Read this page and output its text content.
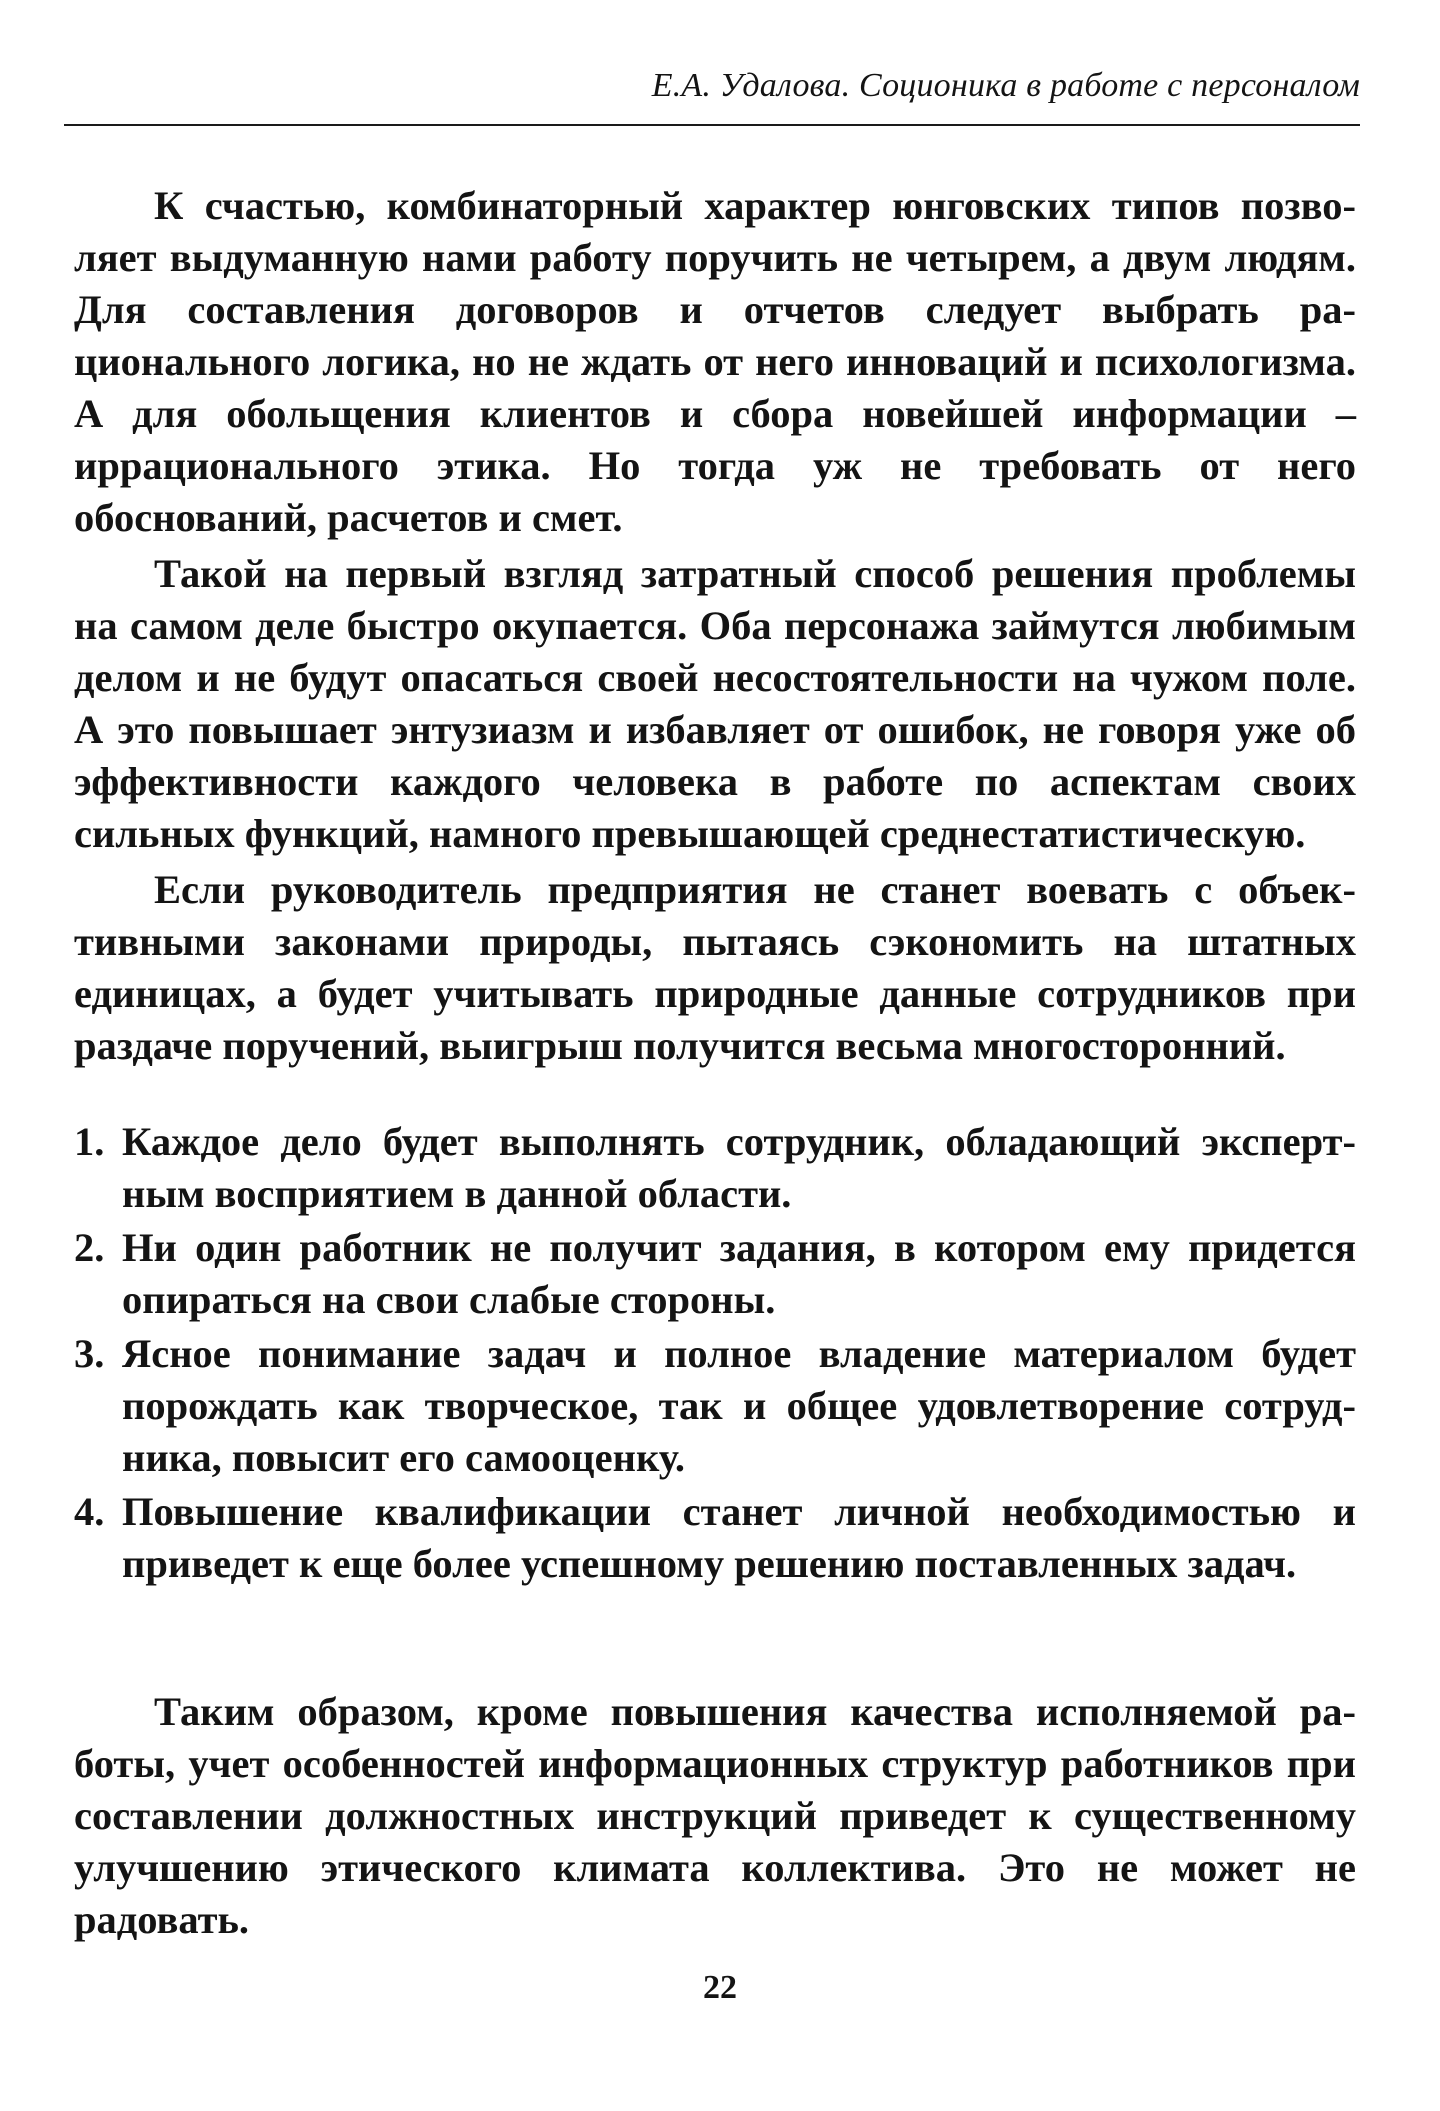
Е.А. Удалова. Соционика в работе с персоналом

К счастью, комбинаторный характер юнговских типов позволяет выдуманную нами работу поручить не четырем, а двум людям. Для составления договоров и отчетов следует выбрать рационального логика, но не ждать от него инноваций и психологизма. А для обольщения клиентов и сбора новейшей информации – иррационального этика. Но тогда уж не требовать от него обоснований, расчетов и смет.

Такой на первый взгляд затратный способ решения проблемы на самом деле быстро окупается. Оба персонажа займутся любимым делом и не будут опасаться своей несостоятельности на чужом поле. А это повышает энтузиазм и избавляет от ошибок, не говоря уже об эффективности каждого человека в работе по аспектам своих сильных функций, намного превышающей среднестатистическую.

Если руководитель предприятия не станет воевать с объективными законами природы, пытаясь сэкономить на штатных единицах, а будет учитывать природные данные сотрудников при раздаче поручений, выигрыш получится весьма многосторонний.

1. Каждое дело будет выполнять сотрудник, обладающий экспертным восприятием в данной области.
2. Ни один работник не получит задания, в котором ему придется опираться на свои слабые стороны.
3. Ясное понимание задач и полное владение материалом будет порождать как творческое, так и общее удовлетворение сотрудника, повысит его самооценку.
4. Повышение квалификации станет личной необходимостью и приведет к еще более успешному решению поставленных задач.

Таким образом, кроме повышения качества исполняемой работы, учет особенностей информационных структур работников при составлении должностных инструкций приведет к существенному улучшению этического климата коллектива. Это не может не радовать.

22
